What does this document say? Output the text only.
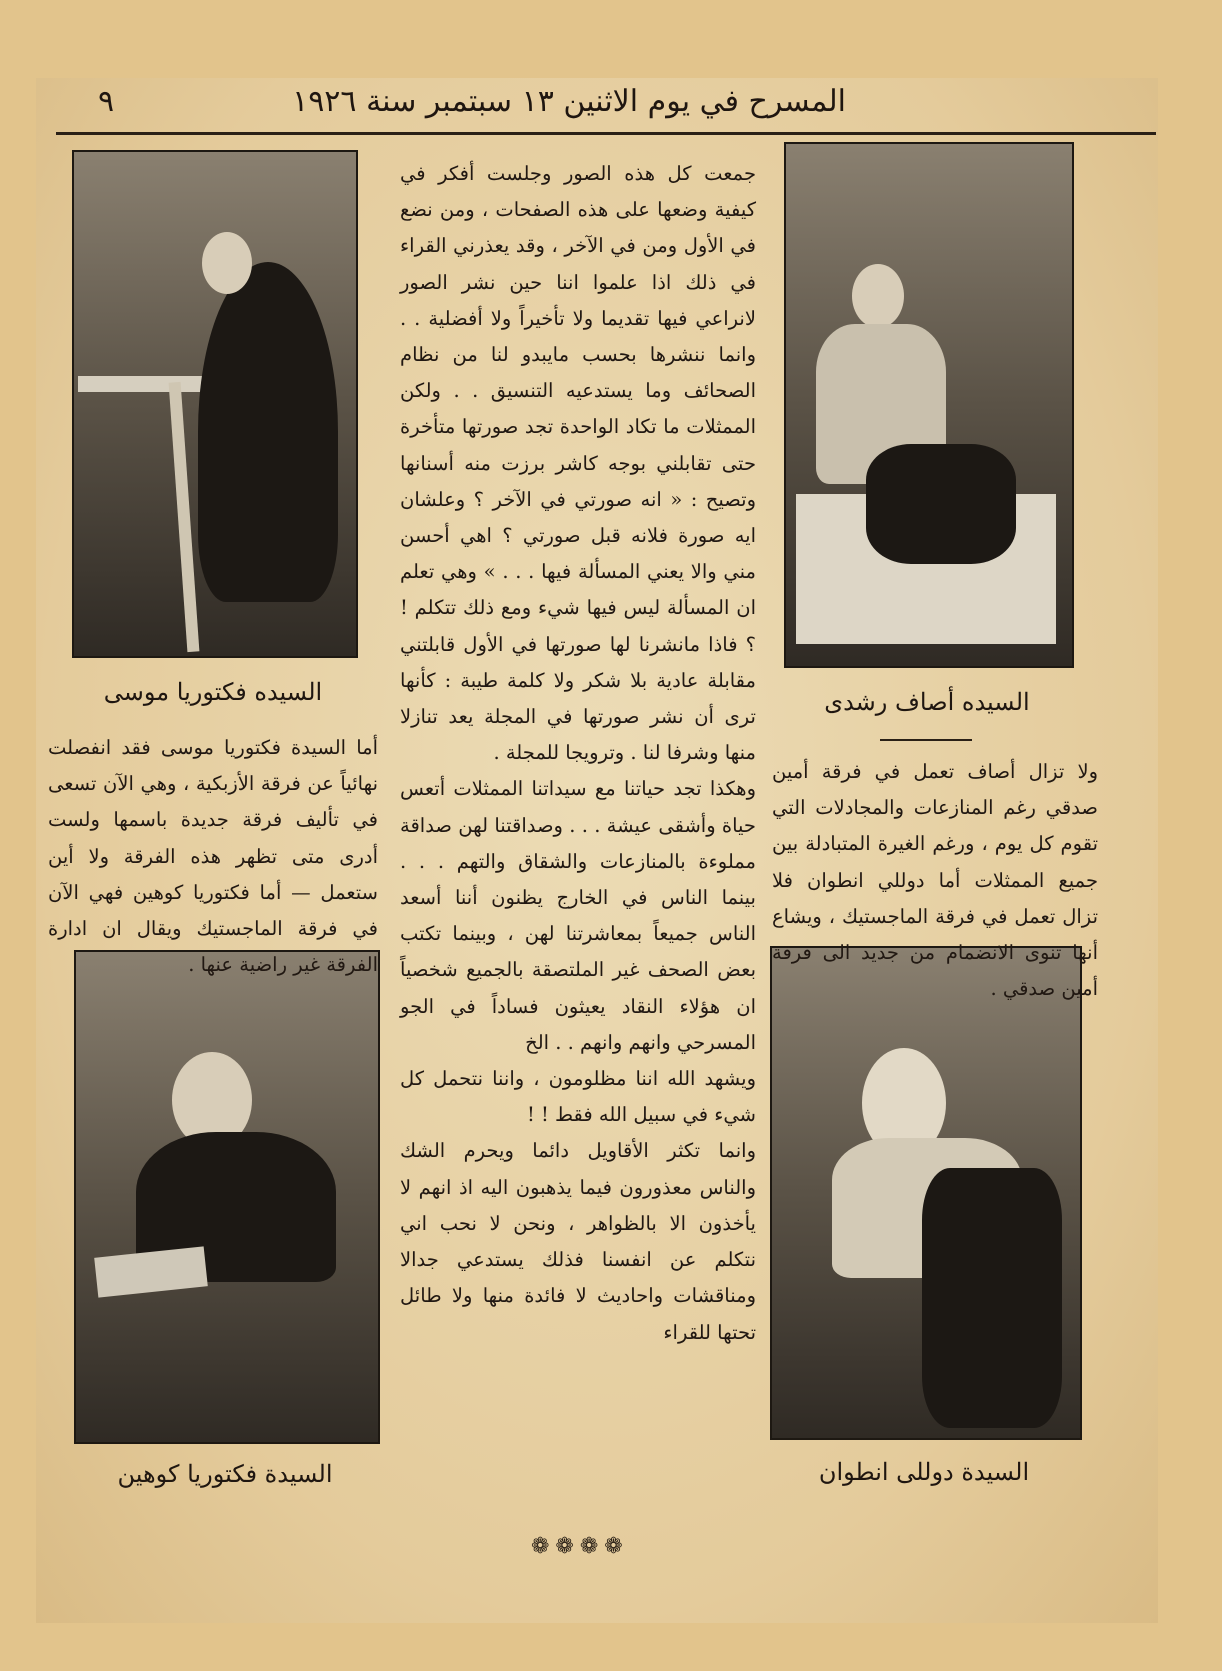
٩	المسرح في يوم الاثنين ١٣ سبتمبر سنة ١٩٢٦
السيده فكتوريا موسى	السيده أصاف رشدى
السيدة فكتوريا كوهين	السيدة دوللى انطوان

جمعت كل هذه الصور وجلست أفكر في كيفية وضعها على هذه الصفحات ، ومن نضع في الأول ومن في الآخر ، وقد يعذرني القراء في ذلك اذا علموا اننا حين نشر الصور لانراعي فيها تقديما ولا تأخيراً ولا أفضلية . . وانما ننشرها بحسب مايبدو لنا من نظام الصحائف وما يستدعيه التنسيق . . ولكن الممثلات ما تكاد الواحدة تجد صورتها متأخرة حتى تقابلني بوجه كاشر برزت منه أسنانها وتصيح : « انه صورتي في الآخر ؟ وعلشان ايه صورة فلانه قبل صورتي ؟ اهي أحسن مني والا يعني المسألة فيها . . . » وهي تعلم ان المسألة ليس فيها شيء ومع ذلك تتكلم ! ؟ فاذا مانشرنا لها صورتها في الأول قابلتني مقابلة عادية بلا شكر ولا كلمة طيبة : كأنها ترى أن نشر صورتها في المجلة يعد تنازلا منها وشرفا لنا . وترويجا للمجلة .

وهكذا تجد حياتنا مع سيداتنا الممثلات أتعس حياة وأشقى عيشة . . . وصداقتنا لهن صداقة مملوءة بالمنازعات والشقاق والتهم . . . بينما الناس في الخارج يظنون أننا أسعد الناس جميعاً بمعاشرتنا لهن ، وبينما تكتب بعض الصحف غير الملتصقة بالجميع شخصياً ان هؤلاء النقاد يعيثون فساداً في الجو المسرحي وانهم وانهم . . الخ

ويشهد الله اننا مظلومون ، واننا نتحمل كل شيء في سبيل الله فقط ! !

وانما تكثر الأقاويل دائما ويحرم الشك والناس معذورون فيما يذهبون اليه اذ انهم لا يأخذون الا بالظواهر ، ونحن لا نحب اني نتكلم عن انفسنا فذلك يستدعي جدالا ومناقشات واحاديث لا فائدة منها ولا طائل تحتها للقراء

أما السيدة فكتوريا موسى فقد انفصلت نهائياً عن فرقة الأزبكية ، وهي الآن تسعى في تأليف فرقة جديدة باسمها ولست أدرى متى تظهر هذه الفرقة ولا أين ستعمل — أما فكتوريا كوهين فهي الآن في فرقة الماجستيك ويقال ان ادارة الفرقة غير راضية عنها .

ولا تزال أصاف تعمل في فرقة أمين صدقي رغم المنازعات والمجادلات التي تقوم كل يوم ، ورغم الغيرة المتبادلة بين جميع الممثلات أما دوللي انطوان فلا تزال تعمل في فرقة الماجستيك ، ويشاع أنها تنوى الانضمام من جديد الى فرقة أمين صدقي .

❁❁❁❁
